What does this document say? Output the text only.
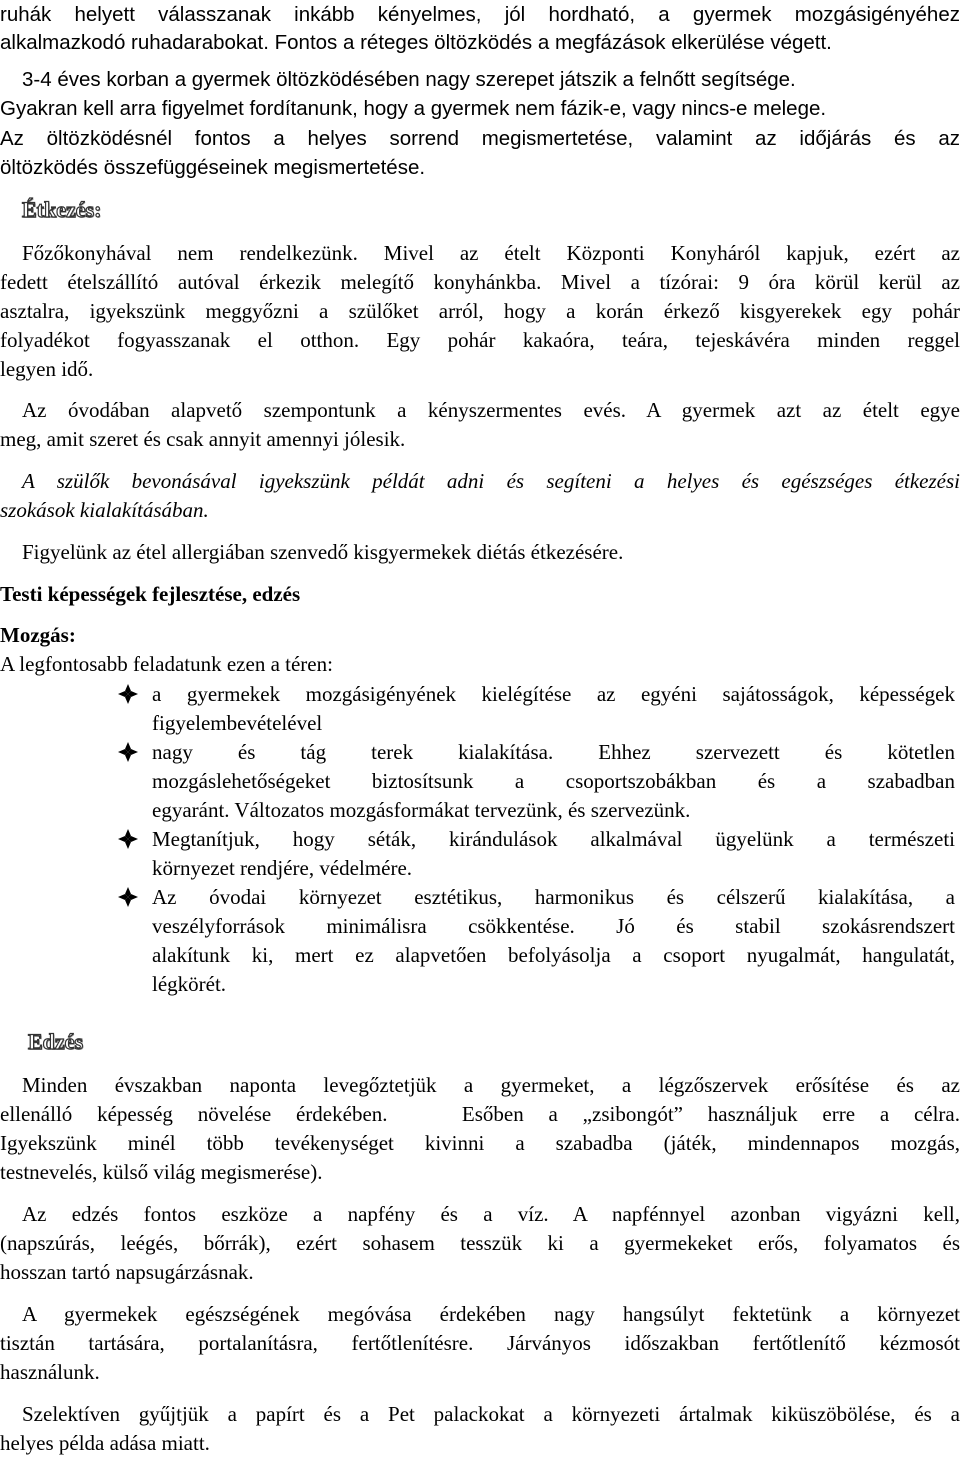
ruhák helyett válasszanak inkább kényelmes, jól hordható, a gyermek mozgásigényéhez
alkalmazkodó ruhadarabokat. Fontos a réteges öltözködés a megfázások elkerülése végett.
3-4 éves korban a gyermek öltözködésében nagy szerepet játszik a felnőtt segítsége.
Gyakran kell arra figyelmet fordítanunk, hogy a gyermek nem fázik-e, vagy nincs-e melege.
Az öltözködésnél fontos a helyes sorrend megismertetése, valamint az időjárás és az
öltözködés összefüggéseinek megismertetése.
Étkezés:
Főzőkonyhával nem rendelkezünk. Mivel az ételt Központi Konyháról kapjuk, ezért az
fedett ételszállító autóval érkezik melegítő konyhánkba. Mivel a tízórai: 9 óra körül kerül az
asztalra, igyekszünk meggyőzni a szülőket arról, hogy a korán érkező kisgyerekek egy pohár
folyadékot fogyasszanak el otthon. Egy pohár kakaóra, teára, tejeskávéra minden reggel
legyen idő.
Az óvodában alapvető szempontunk a kényszermentes evés. A gyermek azt az ételt egye
meg, amit szeret és csak annyit amennyi jólesik.
A szülők bevonásával igyekszünk példát adni és segíteni a helyes és egészséges étkezési
szokások kialakításában.
Figyelünk az étel allergiában szenvedő kisgyermekek diétás étkezésére.
Testi képességek fejlesztése, edzés
Mozgás:
A legfontosabb feladatunk ezen a téren:
a gyermekek mozgásigényének kielégítése az egyéni sajátosságok, képességek
figyelembevételével
nagy és tág terek kialakítása. Ehhez szervezett és kötetlen
mozgáslehetőségeket biztosítsunk a csoportszobákban és a szabadban
egyaránt. Változatos mozgásformákat tervezünk, és szervezünk.
Megtanítjuk, hogy séták, kirándulások alkalmával ügyelünk a természeti
környezet rendjére, védelmére.
Az óvodai környezet esztétikus, harmonikus és célszerű kialakítása, a
veszélyforrások minimálisra csökkentése. Jó és stabil szokásrendszert
alakítunk ki, mert ez alapvetően befolyásolja a csoport nyugalmát, hangulatát,
légkörét.
Edzés
Minden évszakban naponta levegőztetjük a gyermeket, a légzőszervek erősítése és az
ellenálló képesség növelése érdekében.   Esőben a „zsibongót” használjuk erre a célra.
Igyekszünk minél több tevékenységet kivinni a szabadba (játék, mindennapos mozgás,
testnevelés, külső világ megismerése).
Az edzés fontos eszköze a napfény és a víz. A napfénnyel azonban vigyázni kell,
(napszúrás, leégés, bőrrák), ezért sohasem tesszük ki a gyermekeket erős, folyamatos és
hosszan tartó napsugárzásnak.
A gyermekek egészségének megóvása érdekében nagy hangsúlyt fektetünk a környezet
tisztán tartására, portalanításra, fertőtlenítésre. Járványos időszakban fertőtlenítő kézmosót
használunk.
Szelektíven gyűjtjük a papírt és a Pet palackokat a környezeti ártalmak kiküszöbölése, és a
helyes példa adása miatt.
